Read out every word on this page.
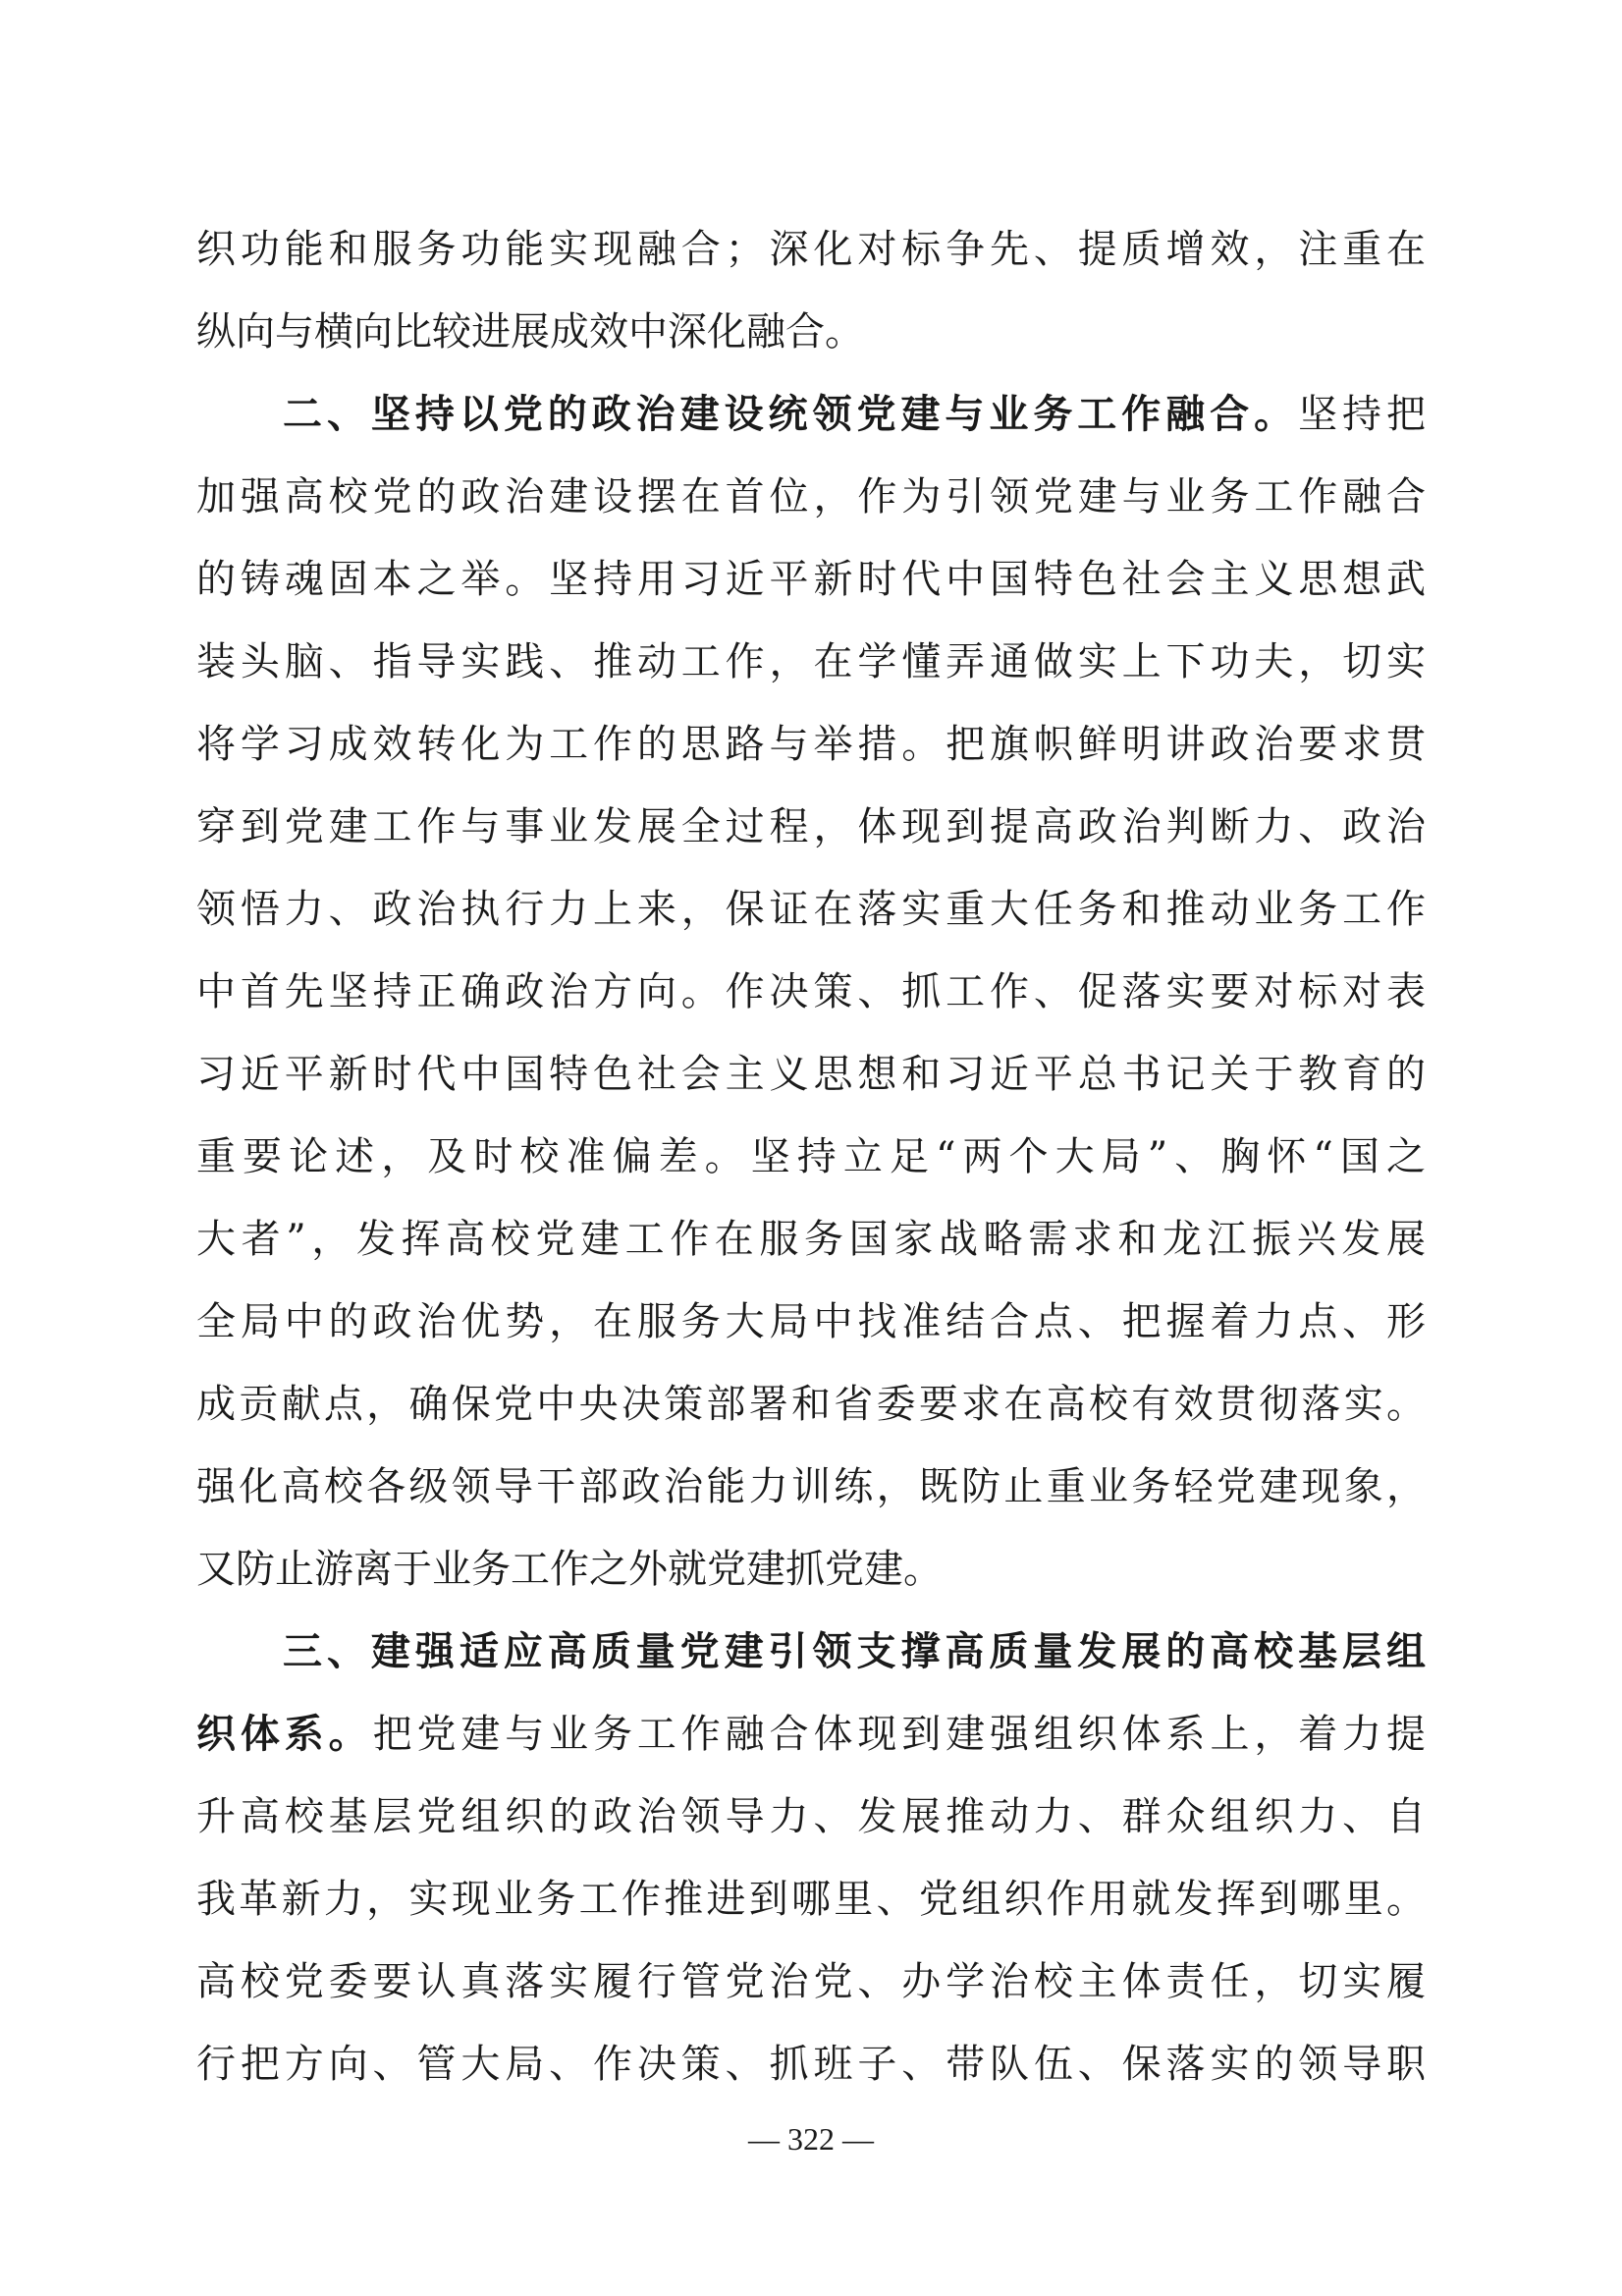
织功能和服务功能实现融合；深化对标争先、提质增效，注重在
纵向与横向比较进展成效中深化融合。
二、坚持以党的政治建设统领党建与业务工作融合。坚持把
加强高校党的政治建设摆在首位，作为引领党建与业务工作融合
的铸魂固本之举。坚持用习近平新时代中国特色社会主义思想武
装头脑、指导实践、推动工作，在学懂弄通做实上下功夫，切实
将学习成效转化为工作的思路与举措。把旗帜鲜明讲政治要求贯
穿到党建工作与事业发展全过程，体现到提高政治判断力、政治
领悟力、政治执行力上来，保证在落实重大任务和推动业务工作
中首先坚持正确政治方向。作决策、抓工作、促落实要对标对表
习近平新时代中国特色社会主义思想和习近平总书记关于教育的
重要论述，及时校准偏差。坚持立足“两个大局”、胸怀“国之
大者”，发挥高校党建工作在服务国家战略需求和龙江振兴发展
全局中的政治优势，在服务大局中找准结合点、把握着力点、形
成贡献点，确保党中央决策部署和省委要求在高校有效贯彻落实。
强化高校各级领导干部政治能力训练，既防止重业务轻党建现象，
又防止游离于业务工作之外就党建抓党建。
三、建强适应高质量党建引领支撑高质量发展的高校基层组
织体系。把党建与业务工作融合体现到建强组织体系上，着力提
升高校基层党组织的政治领导力、发展推动力、群众组织力、自
我革新力，实现业务工作推进到哪里、党组织作用就发挥到哪里。
高校党委要认真落实履行管党治党、办学治校主体责任，切实履
行把方向、管大局、作决策、抓班子、带队伍、保落实的领导职
— 322 —
